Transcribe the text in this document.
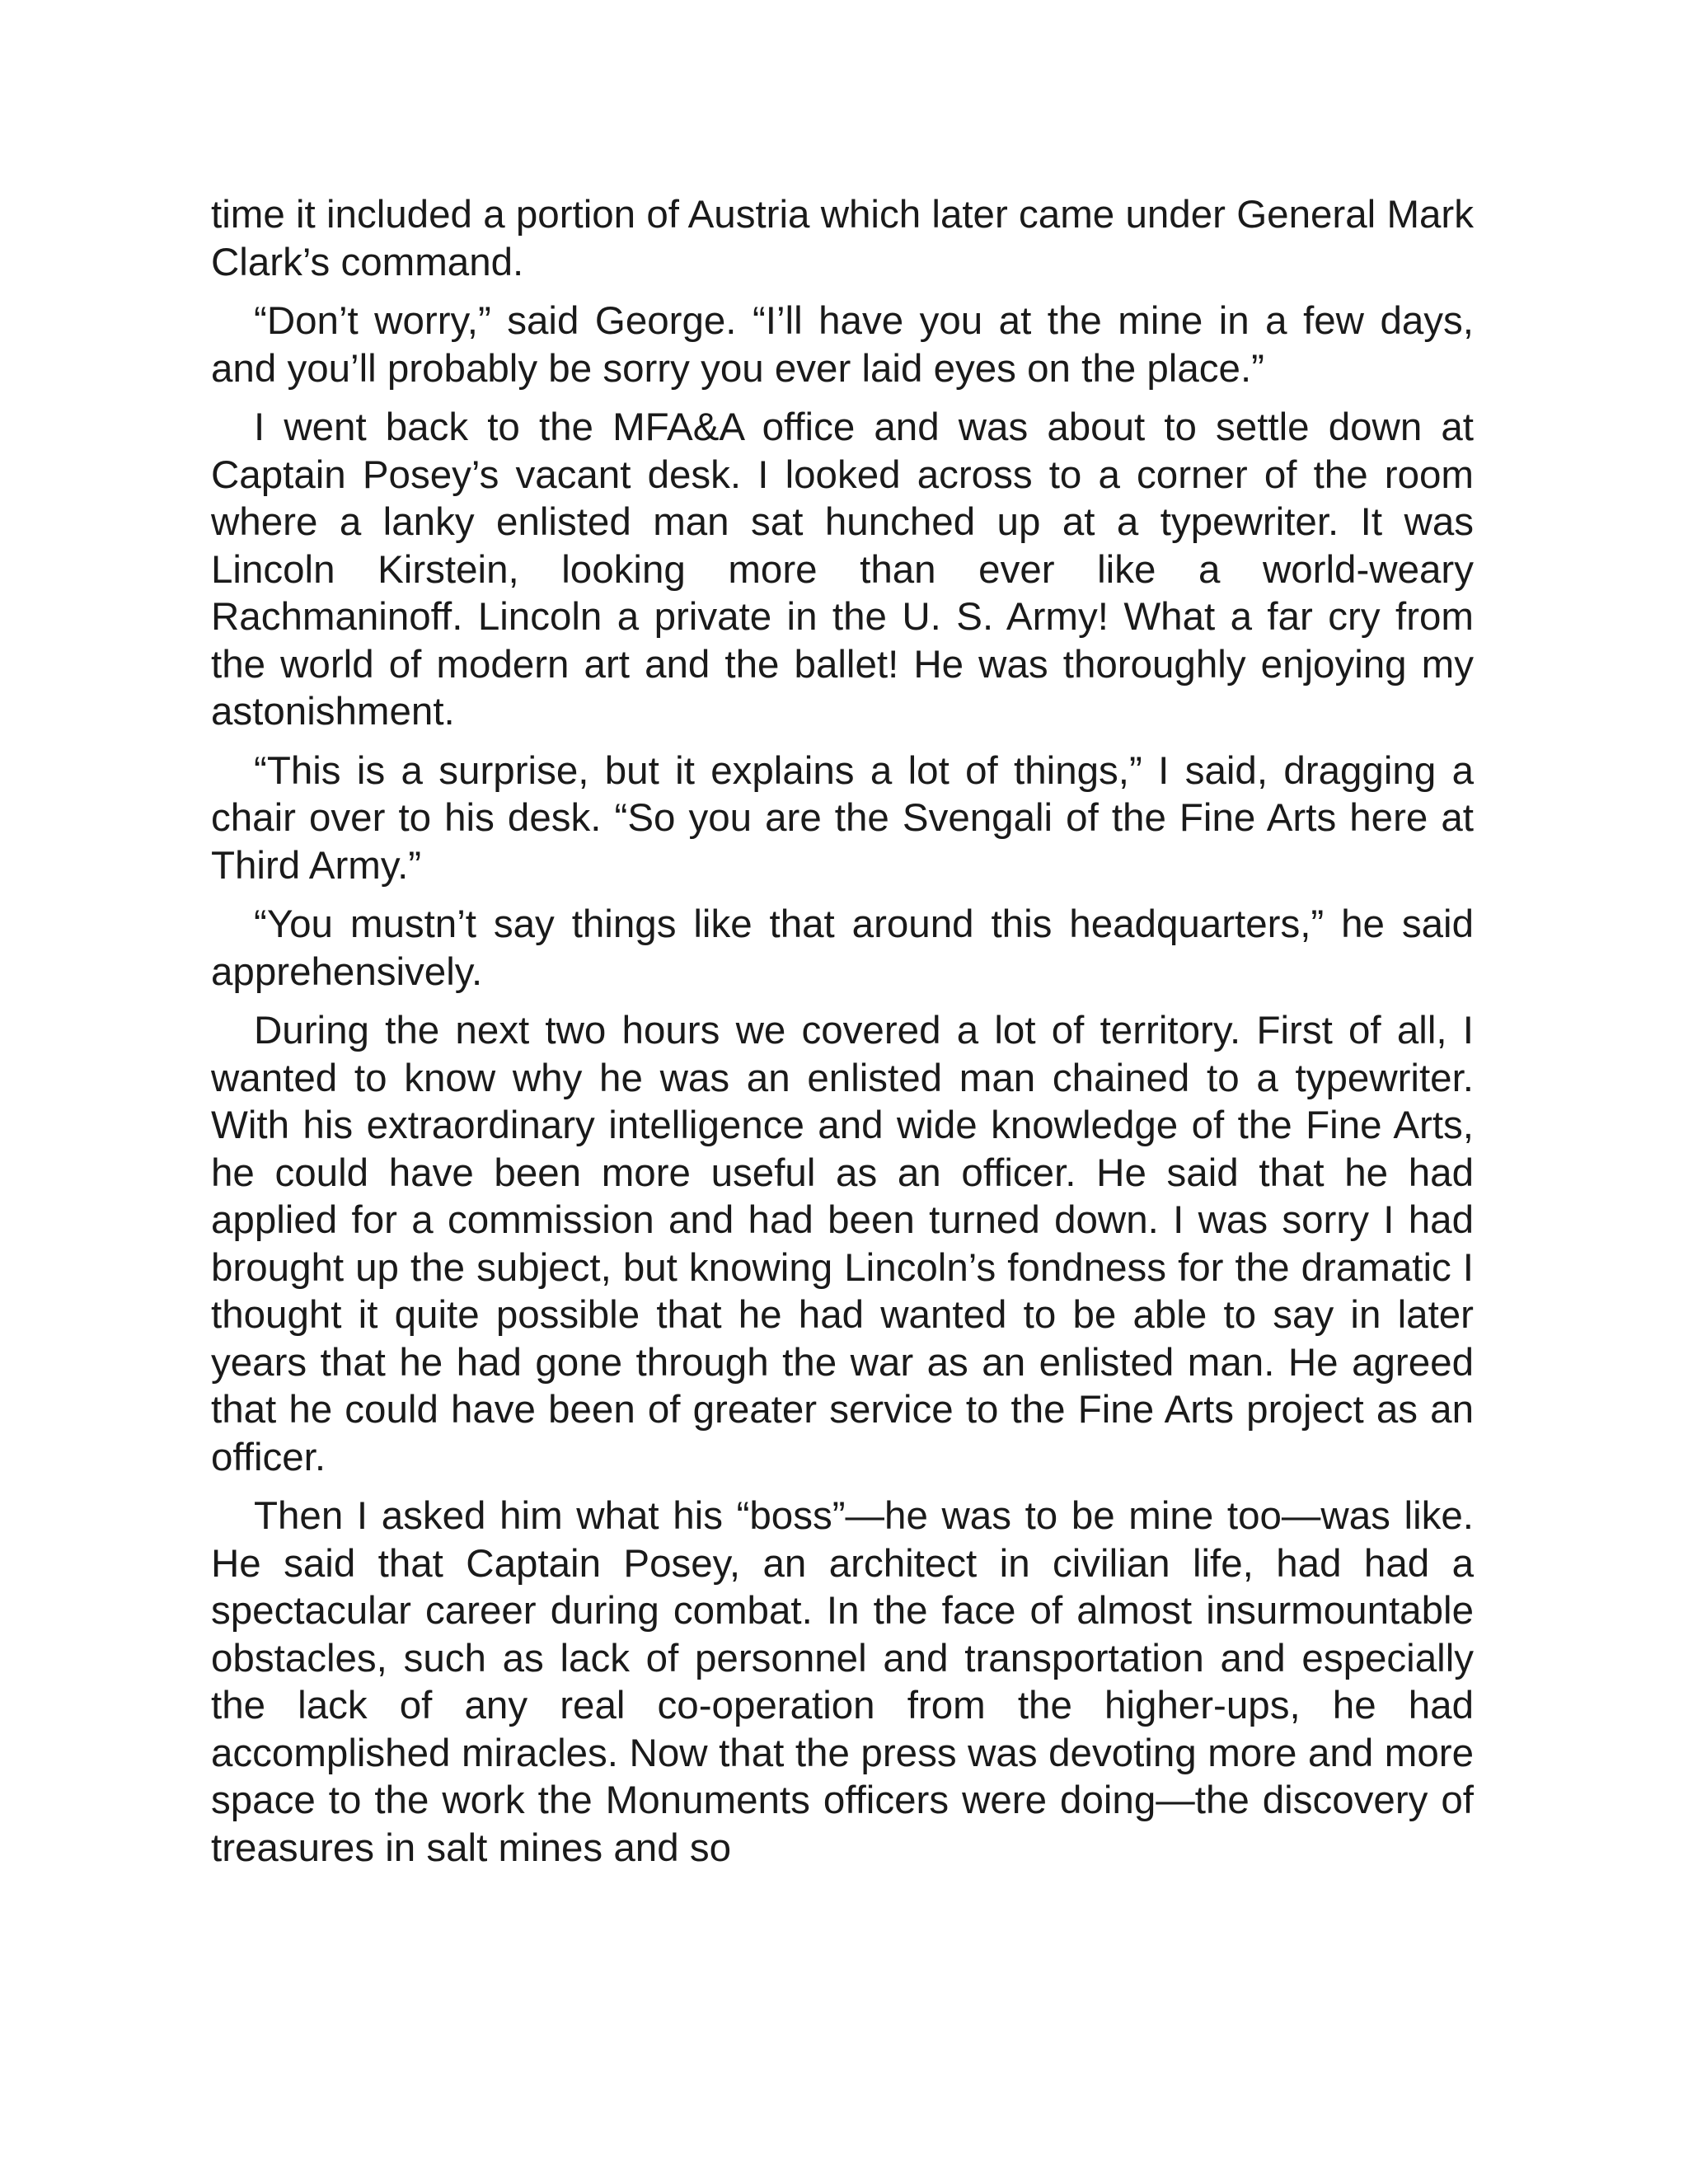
time it included a portion of Austria which later came under General Mark Clark’s command.

“Don’t worry,” said George. “I’ll have you at the mine in a few days, and you’ll probably be sorry you ever laid eyes on the place.”

I went back to the MFA&A office and was about to settle down at Captain Posey’s vacant desk. I looked across to a corner of the room where a lanky enlisted man sat hunched up at a typewriter. It was Lincoln Kirstein, looking more than ever like a world-weary Rachmaninoff. Lincoln a private in the U. S. Army! What a far cry from the world of modern art and the ballet! He was thoroughly enjoying my astonishment.

“This is a surprise, but it explains a lot of things,” I said, dragging a chair over to his desk. “So you are the Svengali of the Fine Arts here at Third Army.”

“You mustn’t say things like that around this headquarters,” he said apprehensively.

During the next two hours we covered a lot of territory. First of all, I wanted to know why he was an enlisted man chained to a typewriter. With his extraordinary intelligence and wide knowledge of the Fine Arts, he could have been more useful as an officer. He said that he had applied for a commission and had been turned down. I was sorry I had brought up the subject, but knowing Lincoln’s fondness for the dramatic I thought it quite possible that he had wanted to be able to say in later years that he had gone through the war as an enlisted man. He agreed that he could have been of greater service to the Fine Arts project as an officer.

Then I asked him what his “boss”—he was to be mine too—was like. He said that Captain Posey, an architect in civilian life, had had a spectacular career during combat. In the face of almost insurmountable obstacles, such as lack of personnel and transportation and especially the lack of any real co-operation from the higher-ups, he had accomplished miracles. Now that the press was devoting more and more space to the work the Monuments officers were doing—the discovery of treasures in salt mines and so
